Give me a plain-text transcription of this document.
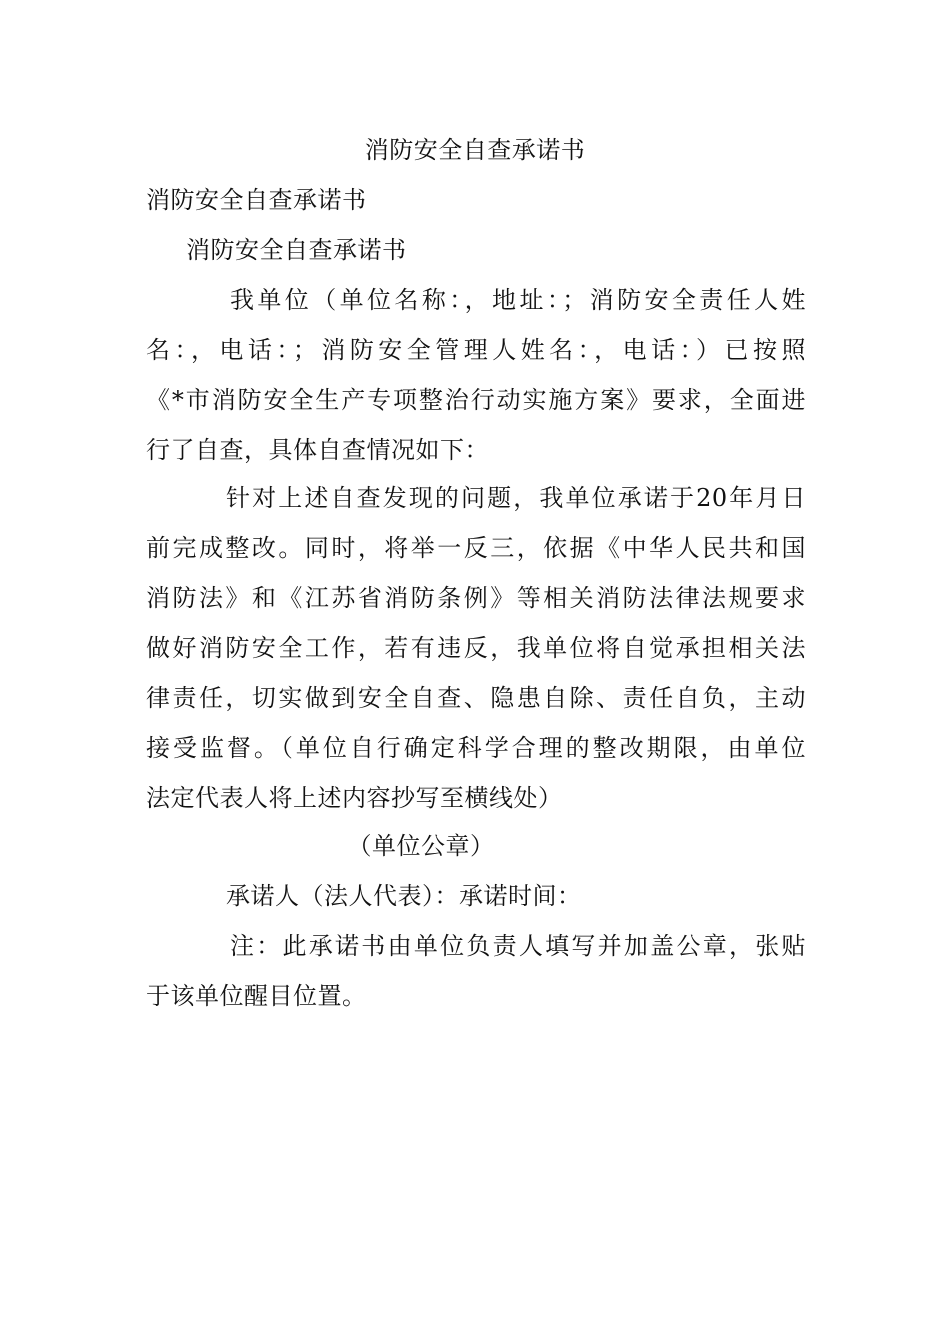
消防安全自查承诺书
消防安全自查承诺书
消防安全自查承诺书
我单位（单位名称：，地址：；消防安全责任人姓
名：，电话：；消防安全管理人姓名：，电话：）已按照
《*市消防安全生产专项整治行动实施方案》要求，全面进
行了自查，具体自查情况如下：
针对上述自查发现的问题，我单位承诺于20年月日
前完成整改。同时，将举一反三，依据《中华人民共和国
消防法》和《江苏省消防条例》等相关消防法律法规要求
做好消防安全工作，若有违反，我单位将自觉承担相关法
律责任，切实做到安全自查、隐患自除、责任自负，主动
接受监督。（单位自行确定科学合理的整改期限，由单位
法定代表人将上述内容抄写至横线处）
（单位公章）
承诺人（法人代表）：承诺时间：
注：此承诺书由单位负责人填写并加盖公章，张贴
于该单位醒目位置。
